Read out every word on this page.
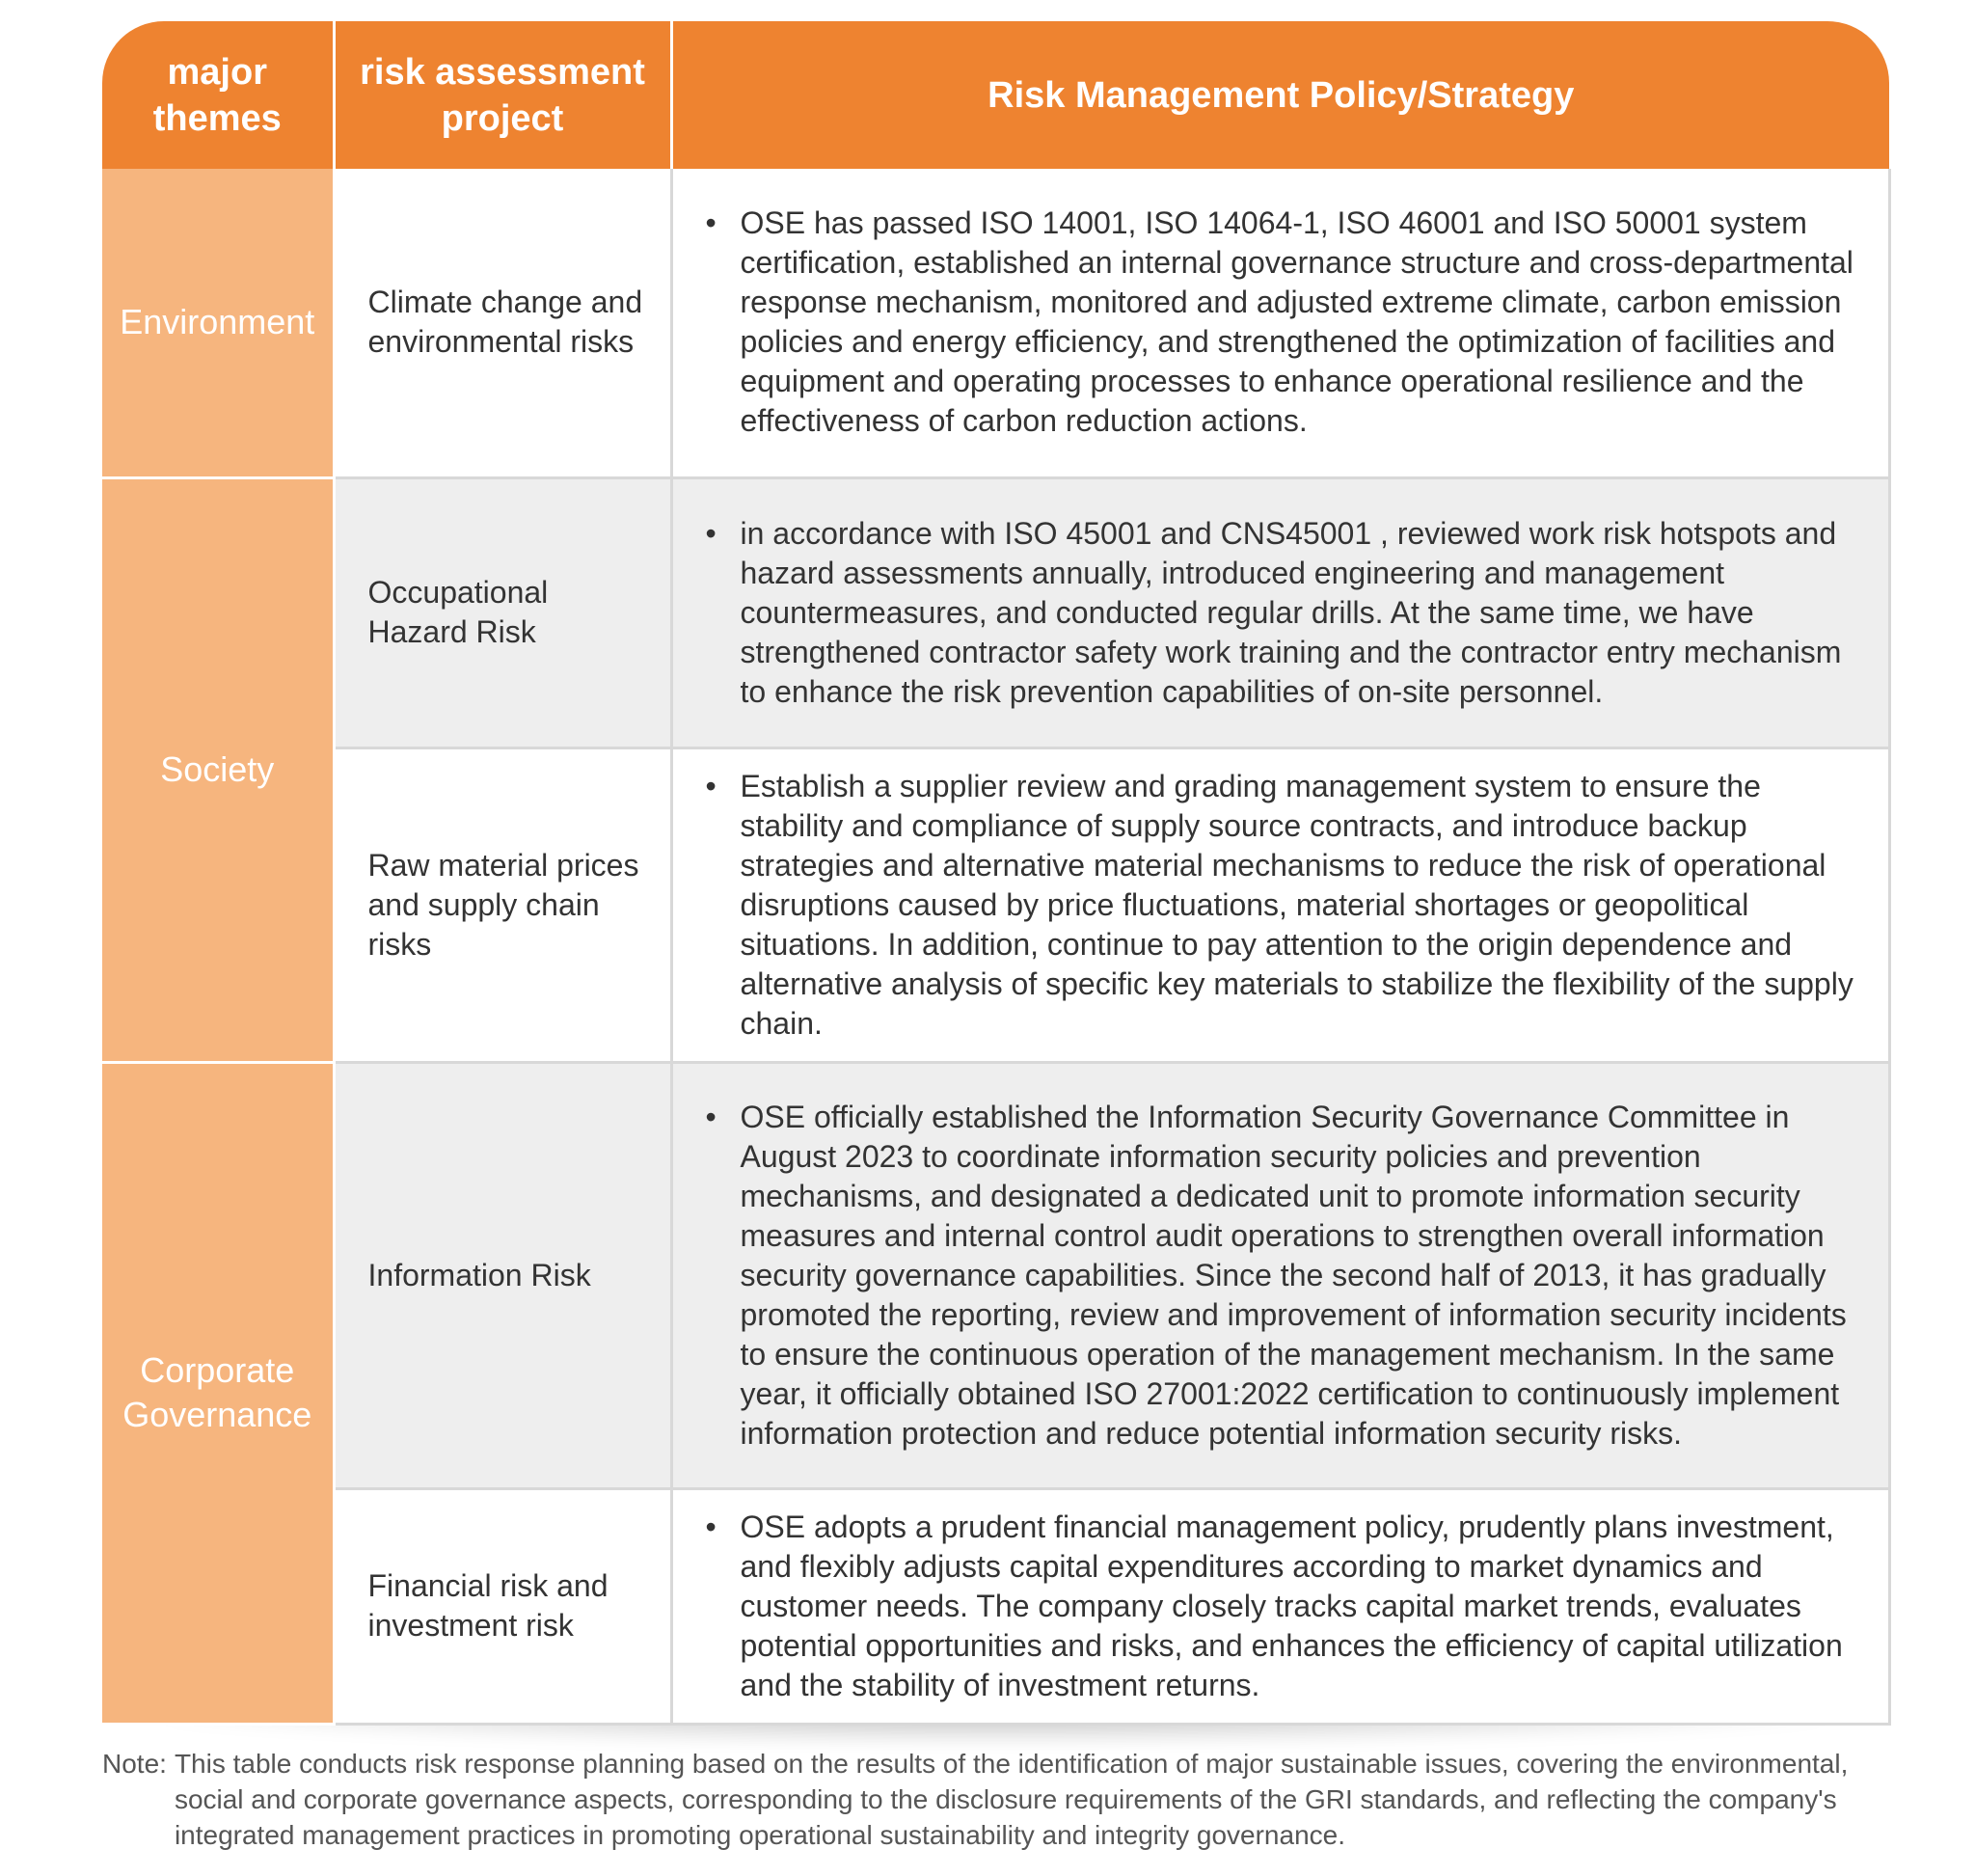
major themes	risk assessment project	Risk Management Policy/Strategy
Environment	Climate change and environmental risks	• OSE has passed ISO 14001, ISO 14064-1, ISO 46001 and ISO 50001 system certification, established an internal governance structure and cross-departmental response mechanism, monitored and adjusted extreme climate, carbon emission policies and energy efficiency, and strengthened the optimization of facilities and equipment and operating processes to enhance operational resilience and the effectiveness of carbon reduction actions.

Society	Occupational Hazard Risk	• in accordance with ISO 45001 and CNS45001 , reviewed work risk hotspots and hazard assessments annually, introduced engineering and management countermeasures, and conducted regular drills. At the same time, we have strengthened contractor safety work training and the contractor entry mechanism to enhance the risk prevention capabilities of on-site personnel.

	Raw material prices and supply chain risks	• Establish a supplier review and grading management system to ensure the stability and compliance of supply source contracts, and introduce backup strategies and alternative material mechanisms to reduce the risk of operational disruptions caused by price fluctuations, material shortages or geopolitical situations. In addition, continue to pay attention to the origin dependence and alternative analysis of specific key materials to stabilize the flexibility of the supply chain.

Corporate Governance	Information Risk	• OSE officially established the Information Security Governance Committee in August 2023 to coordinate information security policies and prevention mechanisms, and designated a dedicated unit to promote information security measures and internal control audit operations to strengthen overall information security governance capabilities. Since the second half of 2013, it has gradually promoted the reporting, review and improvement of information security incidents to ensure the continuous operation of the management mechanism. In the same year, it officially obtained ISO 27001:2022 certification to continuously implement information protection and reduce potential information security risks.

	Financial risk and investment risk	• OSE adopts a prudent financial management policy, prudently plans investment, and flexibly adjusts capital expenditures according to market dynamics and customer needs. The company closely tracks capital market trends, evaluates potential opportunities and risks, and enhances the efficiency of capital utilization and the stability of investment returns.
Note: This table conducts risk response planning based on the results of the identification of major sustainable issues, covering the environmental, social and corporate governance aspects, corresponding to the disclosure requirements of the GRI standards, and reflecting the company's integrated management practices in promoting operational sustainability and integrity governance.
